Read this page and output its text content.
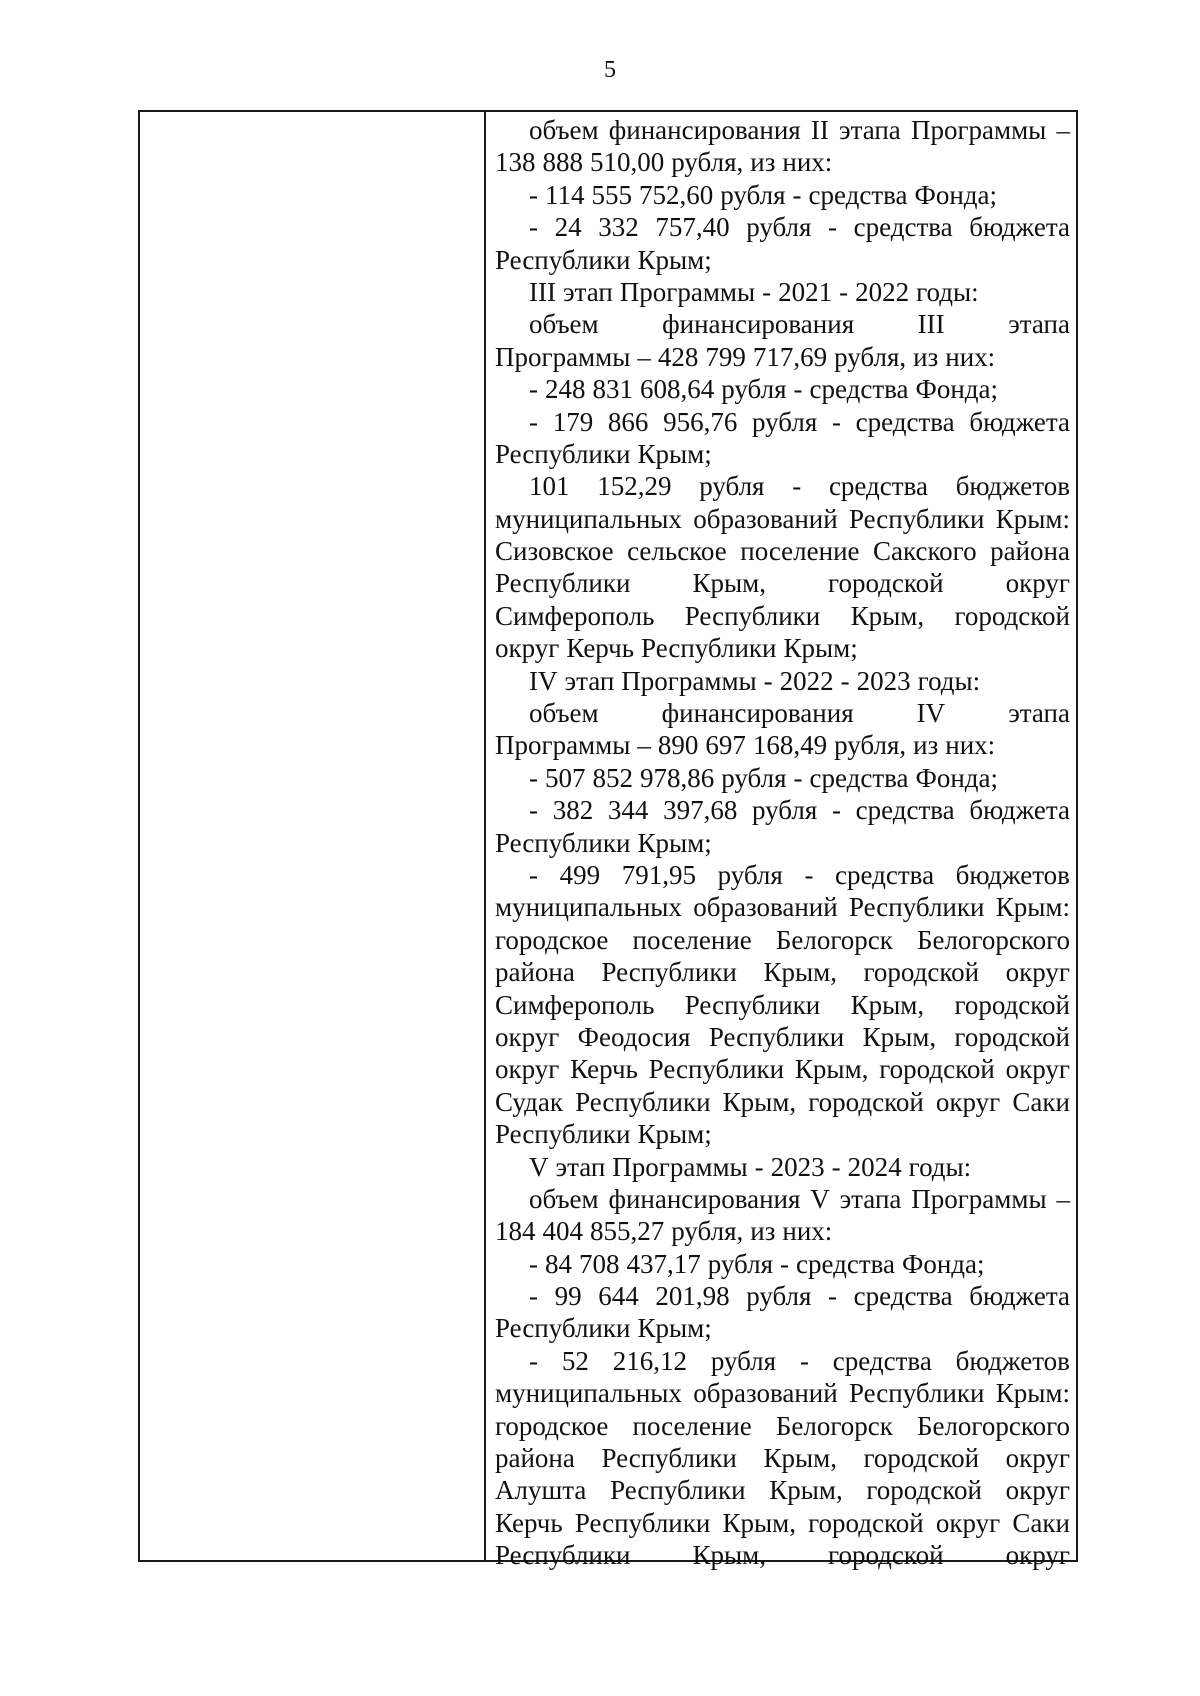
5
объем финансирования II этапа Программы –
138 888 510,00 рубля, из них:
- 114 555 752,60 рубля - средства Фонда;
- 24 332 757,40 рубля - средства бюджета
Республики Крым;
III этап Программы - 2021 - 2022 годы:
объем финансирования III этапа
Программы – 428 799 717,69 рубля, из них:
- 248 831 608,64 рубля - средства Фонда;
- 179 866 956,76 рубля - средства бюджета
Республики Крым;
101 152,29 рубля - средства бюджетов
муниципальных образований Республики Крым:
Сизовское сельское поселение Сакского района
Республики Крым, городской округ
Симферополь Республики Крым, городской
округ Керчь Республики Крым;
IV этап Программы - 2022 - 2023 годы:
объем финансирования IV этапа
Программы – 890 697 168,49 рубля, из них:
- 507 852 978,86 рубля - средства Фонда;
- 382 344 397,68 рубля - средства бюджета
Республики Крым;
- 499 791,95 рубля - средства бюджетов
муниципальных образований Республики Крым:
городское поселение Белогорск Белогорского
района Республики Крым, городской округ
Симферополь Республики Крым, городской
округ Феодосия Республики Крым, городской
округ Керчь Республики Крым, городской округ
Судак Республики Крым, городской округ Саки
Республики Крым;
V этап Программы - 2023 - 2024 годы:
объем финансирования V этапа Программы –
184 404 855,27 рубля, из них:
- 84 708 437,17 рубля - средства Фонда;
- 99 644 201,98 рубля - средства бюджета
Республики Крым;
- 52 216,12 рубля - средства бюджетов
муниципальных образований Республики Крым:
городское поселение Белогорск Белогорского
района Республики Крым, городской округ
Алушта Республики Крым, городской округ
Керчь Республики Крым, городской округ Саки
Республики Крым, городской округ
